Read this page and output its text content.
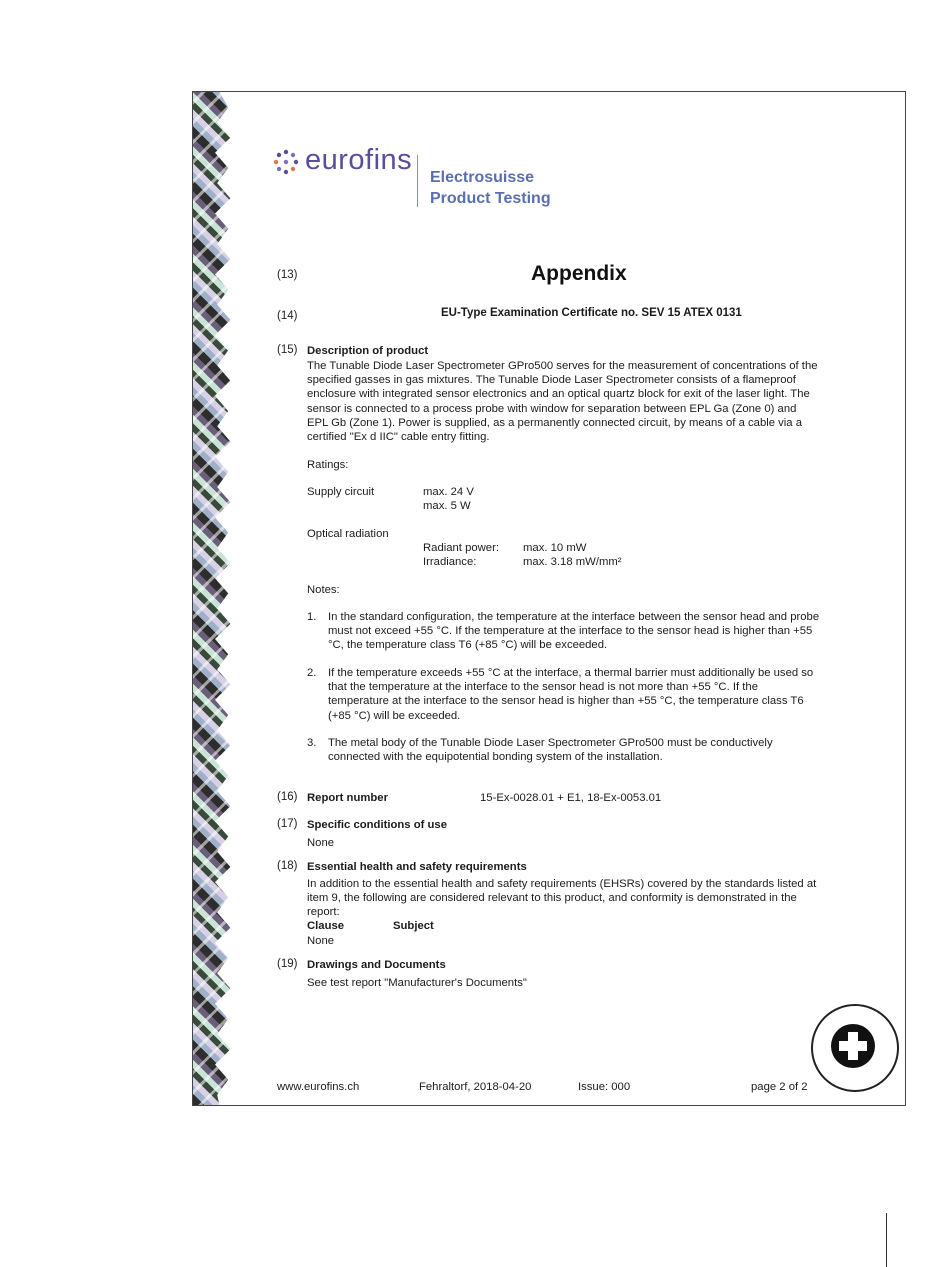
eurofins
Electrosuisse
Product Testing
(13)	Appendix
(14)	EU-Type Examination Certificate no. SEV 15 ATEX 0131
(15) Description of product
The Tunable Diode Laser Spectrometer GPro500 serves for the measurement of concentrations of the
specified gasses in gas mixtures. The Tunable Diode Laser Spectrometer consists of a flameproof
enclosure with integrated sensor electronics and an optical quartz block for exit of the laser light. The
sensor is connected to a process probe with window for separation between EPL Ga (Zone 0) and
EPL Gb (Zone 1). Power is supplied, as a permanently connected circuit, by means of a cable via a
certified "Ex d IIC" cable entry fitting.
Ratings:
Supply circuit	max. 24 V
max. 5 W
Optical radiation
Radiant power: max. 10 mW
Irradiance:	max. 3.18 mW/mm²
Notes:
1. In the standard configuration, the temperature at the interface between the sensor head and probe
must not exceed +55 °C. If the temperature at the interface to the sensor head is higher than +55
°C, the temperature class T6 (+85 °C) will be exceeded.
2. If the temperature exceeds +55 °C at the interface, a thermal barrier must additionally be used so
that the temperature at the interface to the sensor head is not more than +55 °C. If the
temperature at the interface to the sensor head is higher than +55 °C, the temperature class T6
(+85 °C) will be exceeded.
3. The metal body of the Tunable Diode Laser Spectrometer GPro500 must be conductively
connected with the equipotential bonding system of the installation.
(16) Report number	15-Ex-0028.01 + E1, 18-Ex-0053.01
(17) Specific conditions of use
None
(18) Essential health and safety requirements
In addition to the essential health and safety requirements (EHSRs) covered by the standards listed at
item 9, the following are considered relevant to this product, and conformity is demonstrated in the
report:
Clause	Subject
None
(19) Drawings and Documents
See test report "Manufacturer's Documents"
www.eurofins.ch	Fehraltorf, 2018-04-20	Issue: 000	page 2 of 2
